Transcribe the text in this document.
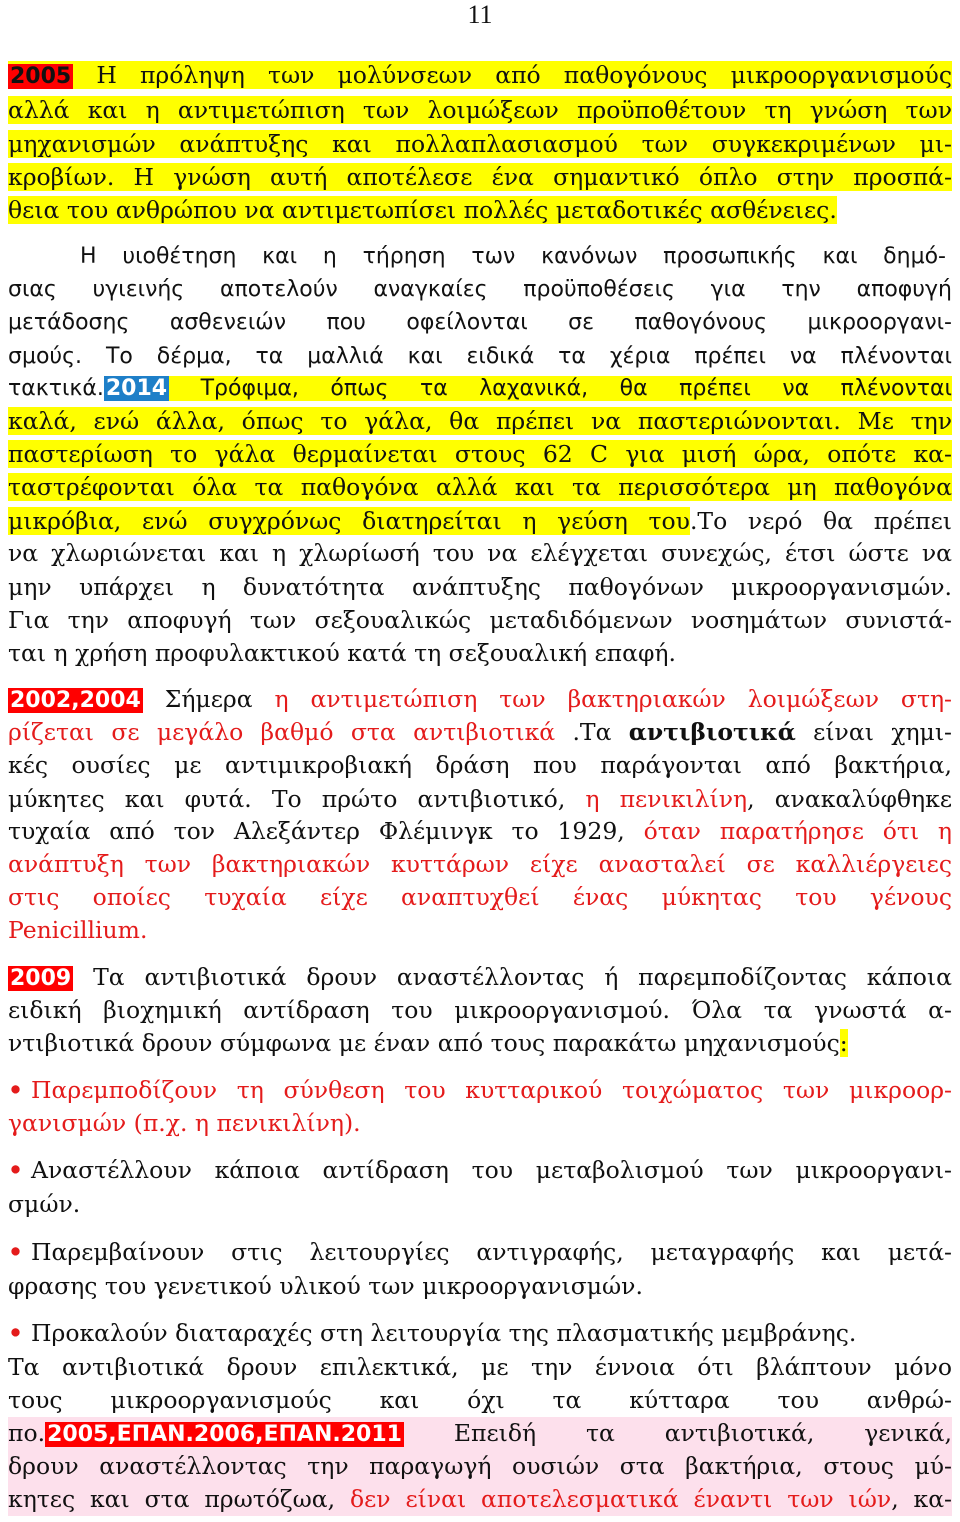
11
2005 Η πρόληψη των μολύνσεων από παθογόνους μικροοργανισμούς
αλλά και η αντιμετώπιση των λοιμώξεων προϋποθέτουν τη γνώση των
μηχανισμών ανάπτυξης και πολλαπλασιασμού των συγκεκριμένων μι-
κροβίων. Η γνώση αυτή αποτέλεσε ένα σημαντικό όπλο στην προσπά-
θεια του ανθρώπου να αντιμετωπίσει πολλές μεταδοτικές ασθένειες.
Η υιοθέτηση και η τήρηση των κανόνων προσωπικής και δημό-
σιας υγιεινής αποτελούν αναγκαίες προϋποθέσεις για την αποφυγή
μετάδοσης ασθενειών που οφείλονται σε παθογόνους μικροοργανι-
σμούς. Το δέρμα, τα μαλλιά και ειδικά τα χέρια πρέπει να πλένονται
τακτικά.2014 Τρόφιμα, όπως τα λαχανικά, θα πρέπει να πλένονται
καλά, ενώ άλλα, όπως το γάλα, θα πρέπει να παστεριώνονται. Με την
παστερίωση το γάλα θερμαίνεται στους 62 C για μισή ώρα, οπότε κα-
ταστρέφονται όλα τα παθογόνα αλλά και τα περισσότερα μη παθογόνα
μικρόβια, ενώ συγχρόνως διατηρείται η γεύση του.Το νερό θα πρέπει
να χλωριώνεται και η χλωρίωσή του να ελέγχεται συνεχώς, έτσι ώστε να
μην υπάρχει η δυνατότητα ανάπτυξης παθογόνων μικροοργανισμών.
Για την αποφυγή των σεξουαλικώς μεταδιδόμενων νοσημάτων συνιστά-
ται η χρήση προφυλακτικού κατά τη σεξουαλική επαφή.
2002,2004 Σήμερα η αντιμετώπιση των βακτηριακών λοιμώξεων στη-
ρίζεται σε μεγάλο βαθμό στα αντιβιοτικά .Τα αντιβιοτικά είναι χημι-
κές ουσίες με αντιμικροβιακή δράση που παράγονται από βακτήρια,
μύκητες και φυτά. Το πρώτο αντιβιοτικό, η πενικιλίνη, ανακαλύφθηκε
τυχαία από τον Αλεξάντερ Φλέμινγκ το 1929, όταν παρατήρησε ότι η
ανάπτυξη των βακτηριακών κυττάρων είχε ανασταλεί σε καλλιέργειες
στις οποίες τυχαία είχε αναπτυχθεί ένας μύκητας του γένους
Penicillium.
2009 Τα αντιβιοτικά δρουν αναστέλλοντας ή παρεμποδίζοντας κάποια
ειδική βιοχημική αντίδραση του μικροοργανισμού. Όλα τα γνωστά α-
ντιβιοτικά δρουν σύμφωνα με έναν από τους παρακάτω μηχανισμούς:
• Παρεμποδίζουν τη σύνθεση του κυτταρικού τοιχώματος των μικροορ-
γανισμών (π.χ. η πενικιλίνη).
• Αναστέλλουν κάποια αντίδραση του μεταβολισμού των μικροοργανι-
σμών.
• Παρεμβαίνουν στις λειτουργίες αντιγραφής, μεταγραφής και μετά-
φρασης του γενετικού υλικού των μικροοργανισμών.
• Προκαλούν διαταραχές στη λειτουργία της πλασματικής μεμβράνης.
Τα αντιβιοτικά δρουν επιλεκτικά, με την έννοια ότι βλάπτουν μόνο
τους μικροοργανισμούς και όχι τα κύτταρα του ανθρώ-
πο.2005,ΕΠΑΝ.2006,ΕΠΑΝ.2011 Επειδή τα αντιβιοτικά, γενικά,
δρουν αναστέλλοντας την παραγωγή ουσιών στα βακτήρια, στους μύ-
κητες και στα πρωτόζωα, δεν είναι αποτελεσματικά έναντι των ιών, κα-
